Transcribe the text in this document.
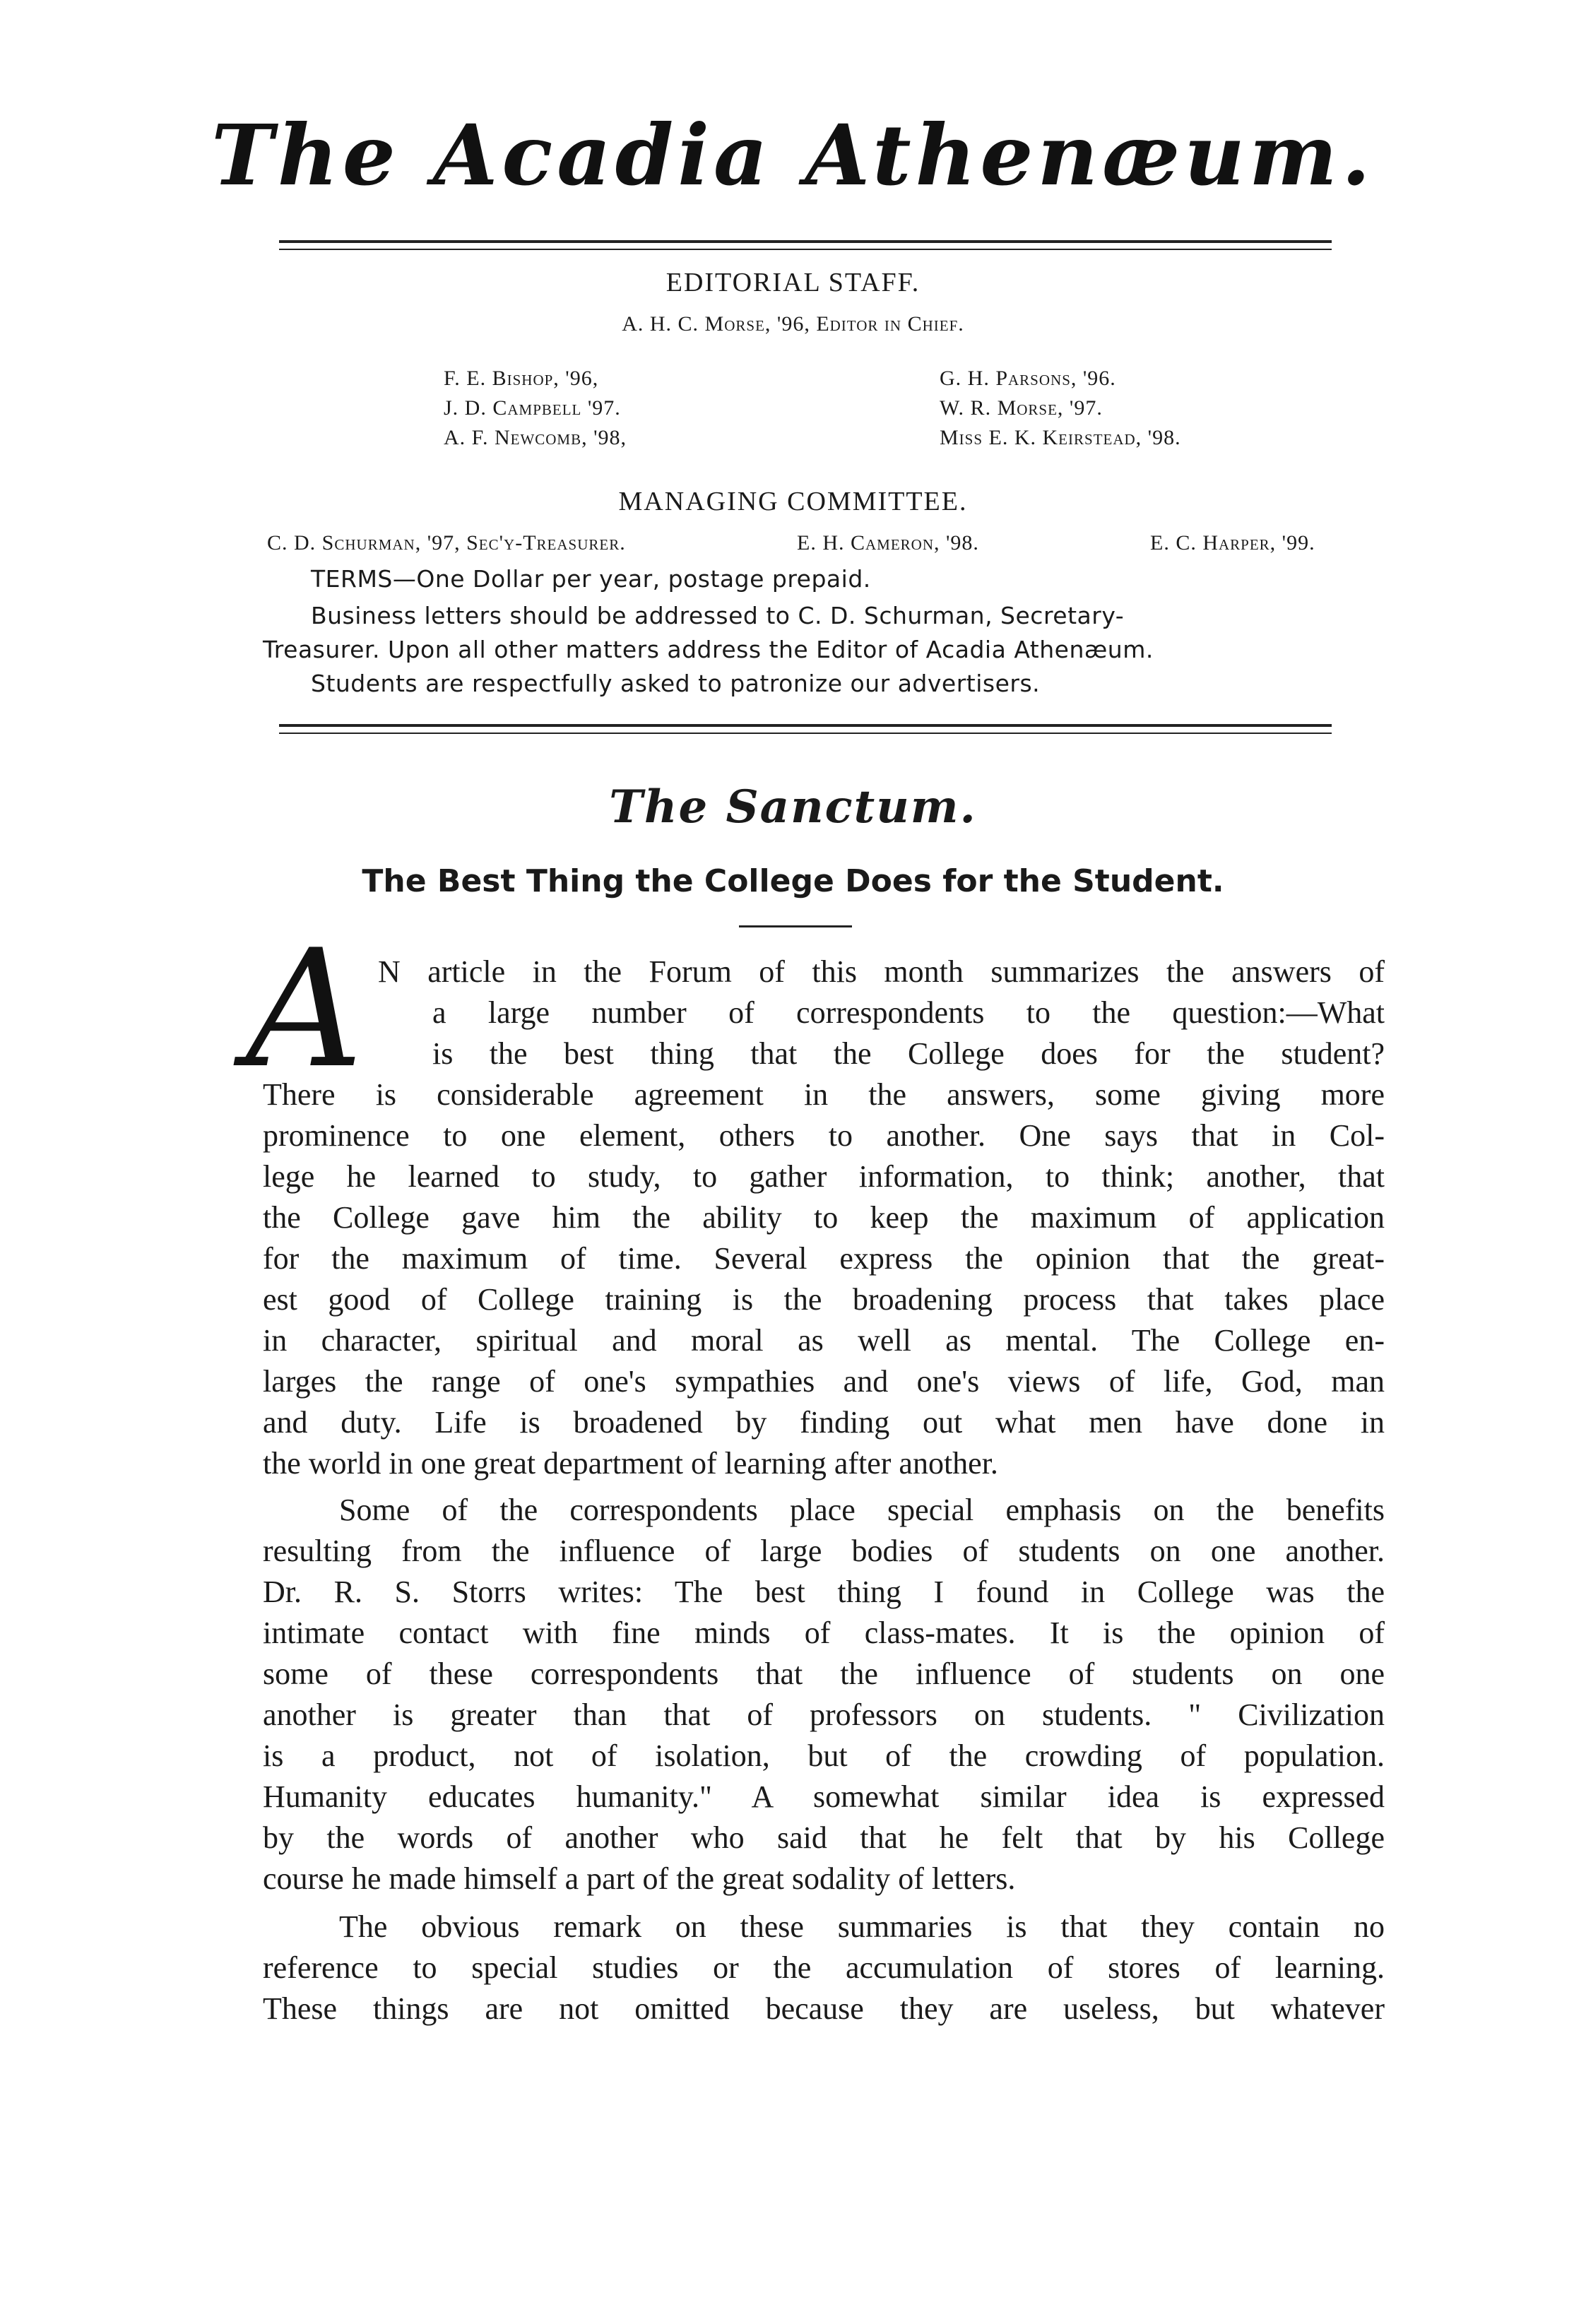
The Acadia Athenæum.
EDITORIAL STAFF.
A. H. C. Morse, '96, Editor in Chief.
F. E. Bishop, '96,
J. D. Campbell '97.
A. F. Newcomb, '98,
G. H. Parsons, '96.
W. R. Morse, '97.
Miss E. K. Keirstead, '98.
MANAGING COMMITTEE.
C. D. Schurman, '97, Sec'y-Treasurer.	E. H. Cameron, '98.	E. C. Harper, '99.
TERMS—One Dollar per year, postage prepaid.
Business letters should be addressed to C. D. Schurman, Secretary-
Treasurer. Upon all other matters address the Editor of Acadia Athenæum.
Students are respectfully asked to patronize our advertisers.
The Sanctum.
The Best Thing the College Does for the Student.
A N article in the Forum of this month summarizes the answers of
a large number of correspondents to the question:—What
is the best thing that the College does for the student?
There is considerable agreement in the answers, some giving more
prominence to one element, others to another. One says that in Col-
lege he learned to study, to gather information, to think; another, that
the College gave him the ability to keep the maximum of application
for the maximum of time. Several express the opinion that the great-
est good of College training is the broadening process that takes place
in character, spiritual and moral as well as mental. The College en-
larges the range of one's sympathies and one's views of life, God, man
and duty. Life is broadened by finding out what men have done in
the world in one great department of learning after another.
Some of the correspondents place special emphasis on the benefits
resulting from the influence of large bodies of students on one another.
Dr. R. S. Storrs writes: The best thing I found in College was the
intimate contact with fine minds of class-mates. It is the opinion of
some of these correspondents that the influence of students on one
another is greater than that of professors on students. " Civilization
is a product, not of isolation, but of the crowding of population.
Humanity educates humanity." A somewhat similar idea is expressed
by the words of another who said that he felt that by his College
course he made himself a part of the great sodality of letters.
The obvious remark on these summaries is that they contain no
reference to special studies or the accumulation of stores of learning.
These things are not omitted because they are useless, but whatever
